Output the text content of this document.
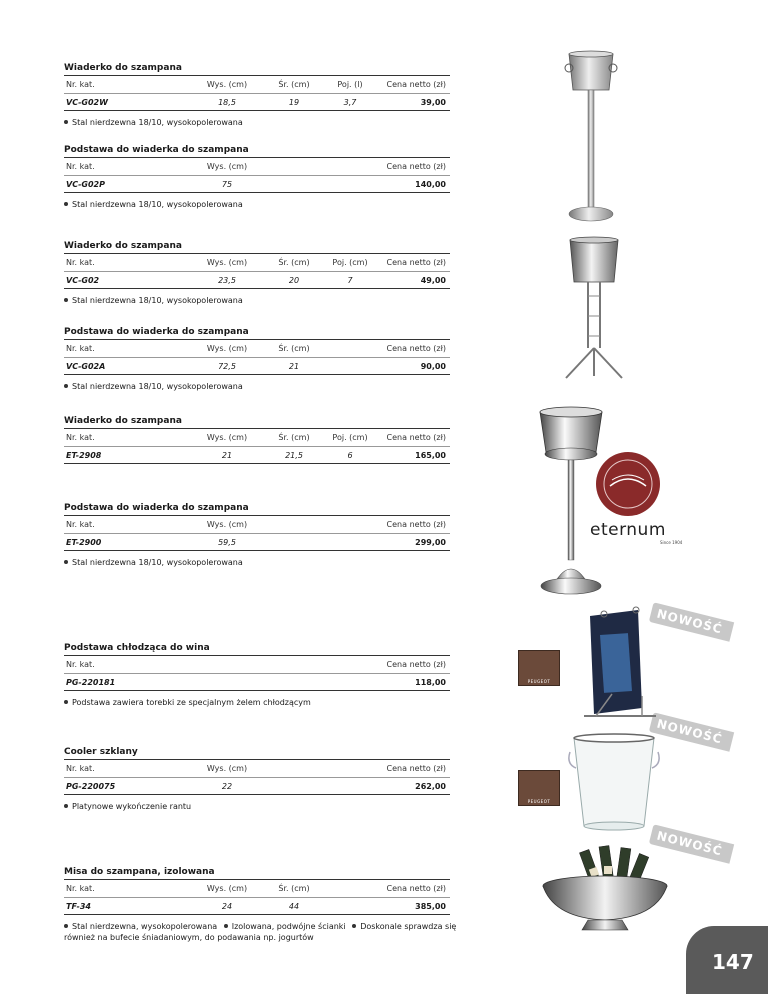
Wiaderko do szampana
Nr. kat.	Wys. (cm)	Śr. (cm)	Poj. (l)	Cena netto (zł)
VC-G02W	18,5	19	3,7	39,00
Stal nierdzewna 18/10, wysokopolerowana
Podstawa do wiaderka do szampana
Nr. kat.	Wys. (cm)	Cena netto (zł)
VC-G02P	75	140,00
Stal nierdzewna 18/10, wysokopolerowana
Wiaderko do szampana
Nr. kat.	Wys. (cm)	Śr. (cm)	Poj. (cm)	Cena netto (zł)
VC-G02	23,5	20	7	49,00
Stal nierdzewna 18/10, wysokopolerowana
Podstawa do wiaderka do szampana
Nr. kat.	Wys. (cm)	Śr. (cm)	Cena netto (zł)
VC-G02A	72,5	21	90,00
Stal nierdzewna 18/10, wysokopolerowana
Wiaderko do szampana
Nr. kat.	Wys. (cm)	Śr. (cm)	Poj. (cm)	Cena netto (zł)
ET-2908	21	21,5	6	165,00
Podstawa do wiaderka do szampana
Nr. kat.	Wys. (cm)	Cena netto (zł)
ET-2900	59,5	299,00
Stal nierdzewna 18/10, wysokopolerowana
Podstawa chłodząca do wina
Nr. kat.	Cena netto (zł)
PG-220181	118,00
Podstawa zawiera torebki ze specjalnym żelem chłodzącym
Cooler szklany
Nr. kat.	Wys. (cm)	Cena netto (zł)
PG-220075	22	262,00
Platynowe wykończenie rantu
Misa do szampana, izolowana
Nr. kat.	Wys. (cm)	Śr. (cm)	Cena netto (zł)
TF-34	24	44	385,00
Stal nierdzewna, wysokopolerowana Izolowana, podwójne ścianki Doskonale sprawdza się również na bufecie śniadaniowym, do podawania np. jogurtów
eternum
Since 1904
NOWOŚĆ
NOWOŚĆ
NOWOŚĆ
PEUGEOT
PEUGEOT
147
